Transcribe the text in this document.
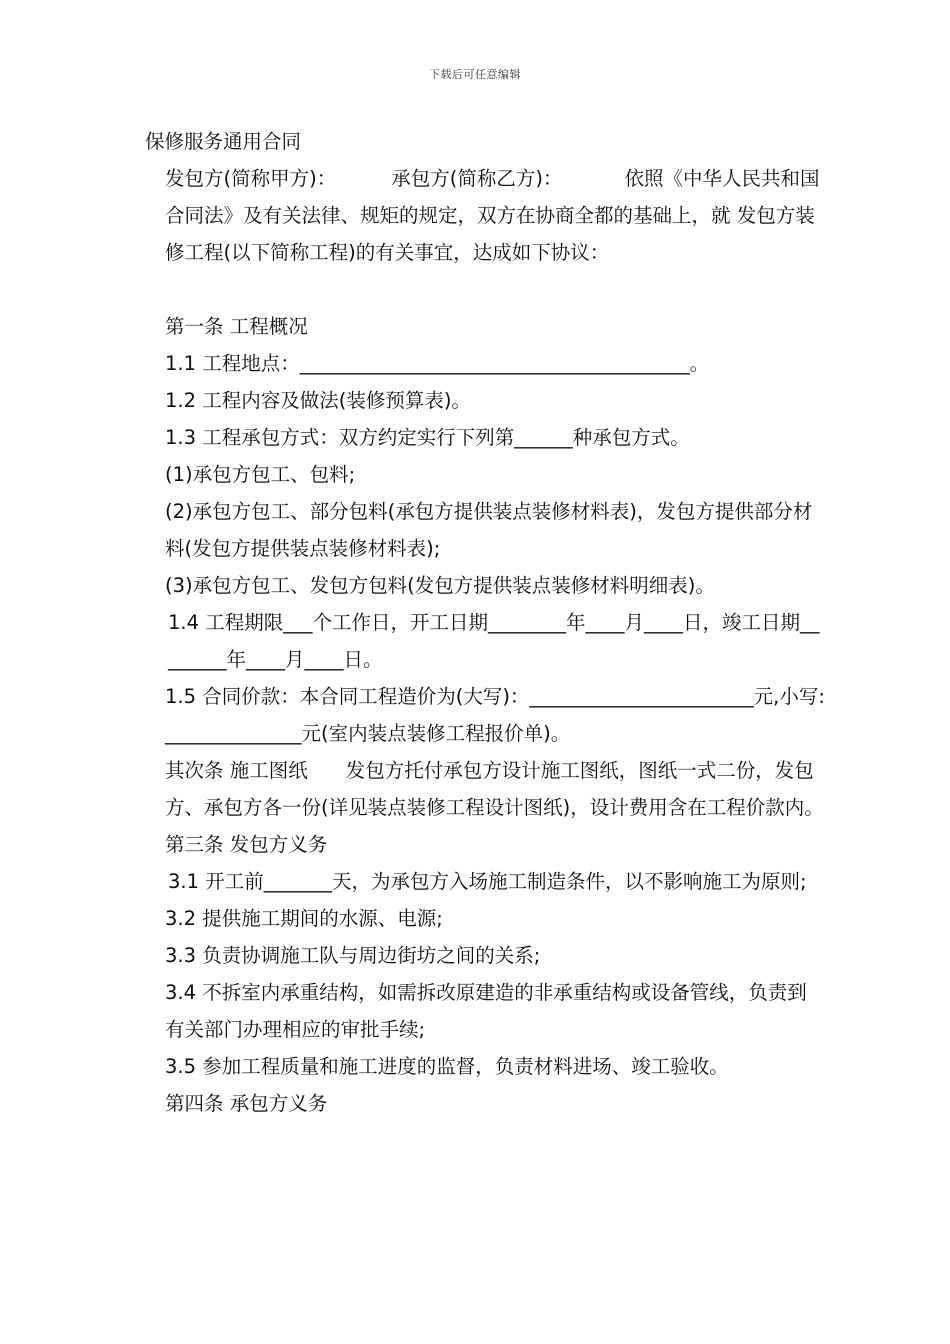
下载后可任意编辑

保修服务通用合同

发包方(简称甲方)：	承包方(简称乙方)：	依照《中华人民共和国合同法》及有关法律、规矩的规定，双方在协商全都的基础上，就 发包方装修工程(以下简称工程)的有关事宜，达成如下协议：

第一条 工程概况

1.1 工程地点：________________________________________。

1.2 工程内容及做法(装修预算表)。

1.3 工程承包方式：双方约定实行下列第______种承包方式。

(1)承包方包工、包料;

(2)承包方包工、部分包料(承包方提供装点装修材料表)，发包方提供部分材料(发包方提供装点装修材料表);

(3)承包方包工、发包方包料(发包方提供装点装修材料明细表)。

1.4 工程期限___个工作日，开工日期________年____月____日，竣工日期________年____月____日。

1.5 合同价款：本合同工程造价为(大写)：_______________________元,小写:______________元(室内装点装修工程报价单)。

其次条 施工图纸 发包方托付承包方设计施工图纸，图纸一式二份，发包方、承包方各一份(详见装点装修工程设计图纸)，设计费用含在工程价款内。

第三条 发包方义务

3.1 开工前_______天，为承包方入场施工制造条件，以不影响施工为原则;

3.2 提供施工期间的水源、电源;

3.3 负责协调施工队与周边街坊之间的关系;

3.4 不拆室内承重结构，如需拆改原建造的非承重结构或设备管线，负责到有关部门办理相应的审批手续;

3.5 参加工程质量和施工进度的监督，负责材料进场、竣工验收。

第四条 承包方义务
